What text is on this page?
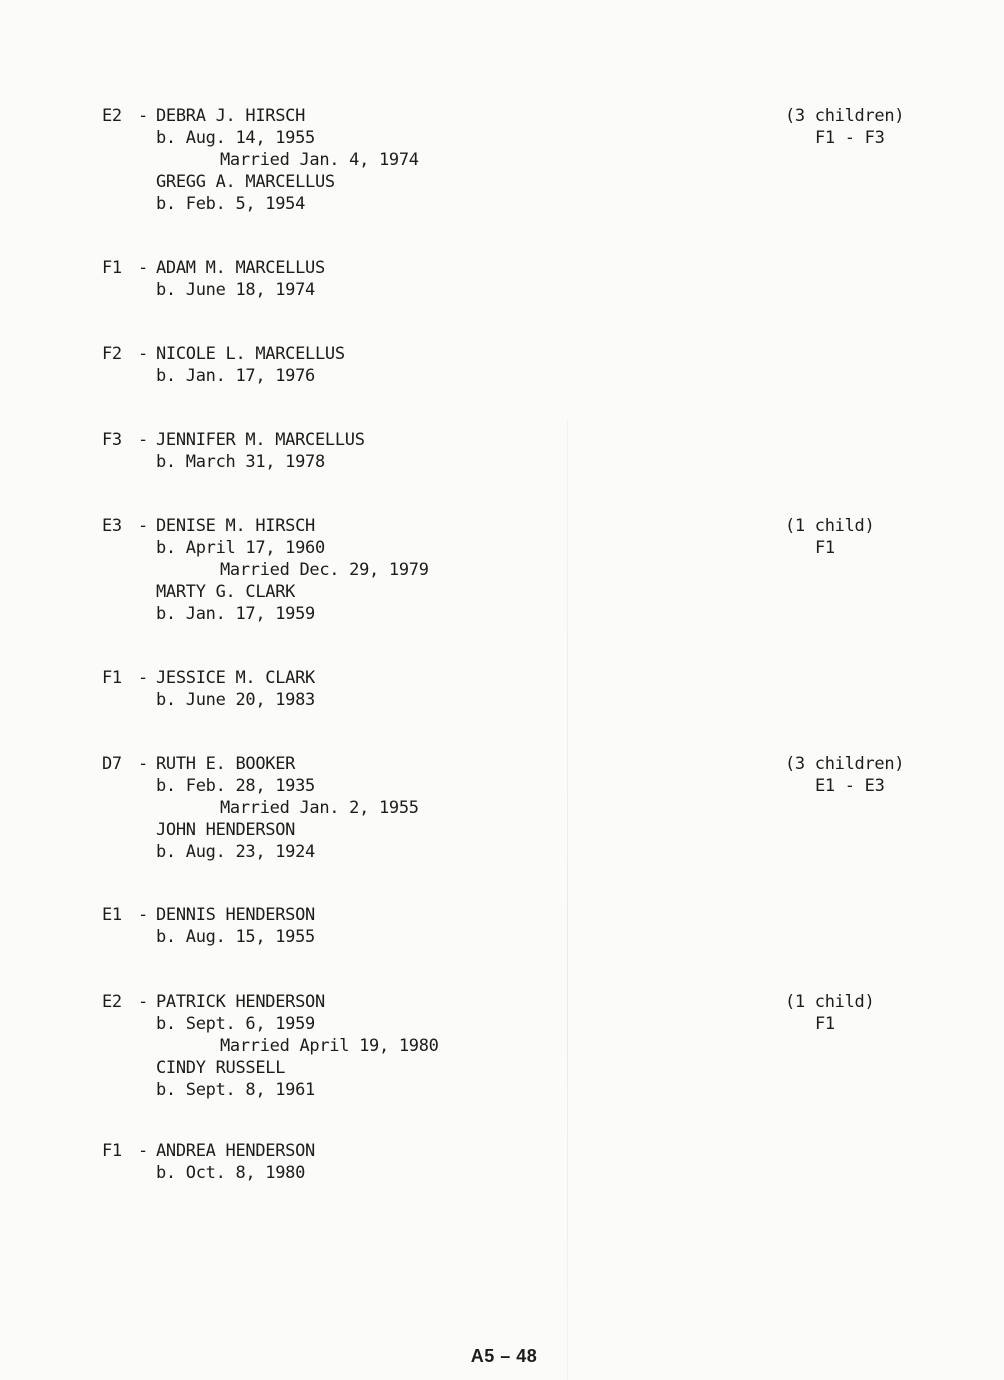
E2 - DEBRA J. HIRSCH
b. Aug. 14, 1955
Married Jan. 4, 1974
GREGG A. MARCELLUS
b. Feb. 5, 1954
(3 children)
F1 - F3
F1 - ADAM M. MARCELLUS
b. June 18, 1974
F2 - NICOLE L. MARCELLUS
b. Jan. 17, 1976
F3 - JENNIFER M. MARCELLUS
b. March 31, 1978
E3 - DENISE M. HIRSCH
b. April 17, 1960
Married Dec. 29, 1979
MARTY G. CLARK
b. Jan. 17, 1959
(1 child)
F1
F1 - JESSICE M. CLARK
b. June 20, 1983
D7 - RUTH E. BOOKER
b. Feb. 28, 1935
Married Jan. 2, 1955
JOHN HENDERSON
b. Aug. 23, 1924
(3 children)
E1 - E3
E1 - DENNIS HENDERSON
b. Aug. 15, 1955
E2 - PATRICK HENDERSON
b. Sept. 6, 1959
Married April 19, 1980
CINDY RUSSELL
b. Sept. 8, 1961
(1 child)
F1
F1 - ANDREA HENDERSON
b. Oct. 8, 1980
A5 – 48
